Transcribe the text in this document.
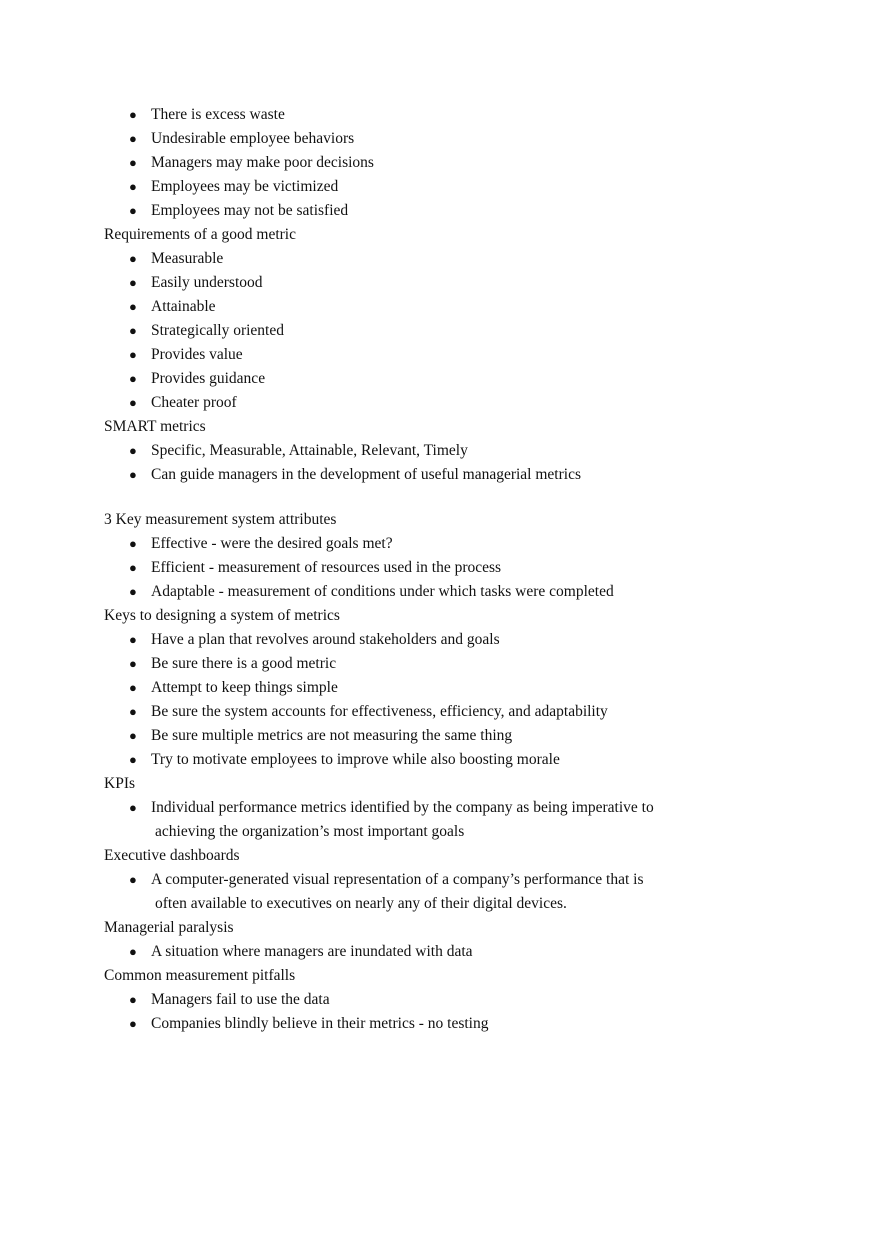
● There is excess waste
● Undesirable employee behaviors
● Managers may make poor decisions
● Employees may be victimized
● Employees may not be satisfied
Requirements of a good metric
● Measurable
● Easily understood
● Attainable
● Strategically oriented
● Provides value
● Provides guidance
● Cheater proof
SMART metrics
● Specific, Measurable, Attainable, Relevant, Timely
● Can guide managers in the development of useful managerial metrics
3 Key measurement system attributes
● Effective - were the desired goals met?
● Efficient - measurement of resources used in the process
● Adaptable - measurement of conditions under which tasks were completed
Keys to designing a system of metrics
● Have a plan that revolves around stakeholders and goals
● Be sure there is a good metric
● Attempt to keep things simple
● Be sure the system accounts for effectiveness, efficiency, and adaptability
● Be sure multiple metrics are not measuring the same thing
● Try to motivate employees to improve while also boosting morale
KPIs
● Individual performance metrics identified by the company as being imperative to
achieving the organization’s most important goals
Executive dashboards
● A computer-generated visual representation of a company’s performance that is
often available to executives on nearly any of their digital devices.
Managerial paralysis
● A situation where managers are inundated with data
Common measurement pitfalls
● Managers fail to use the data
● Companies blindly believe in their metrics - no testing
